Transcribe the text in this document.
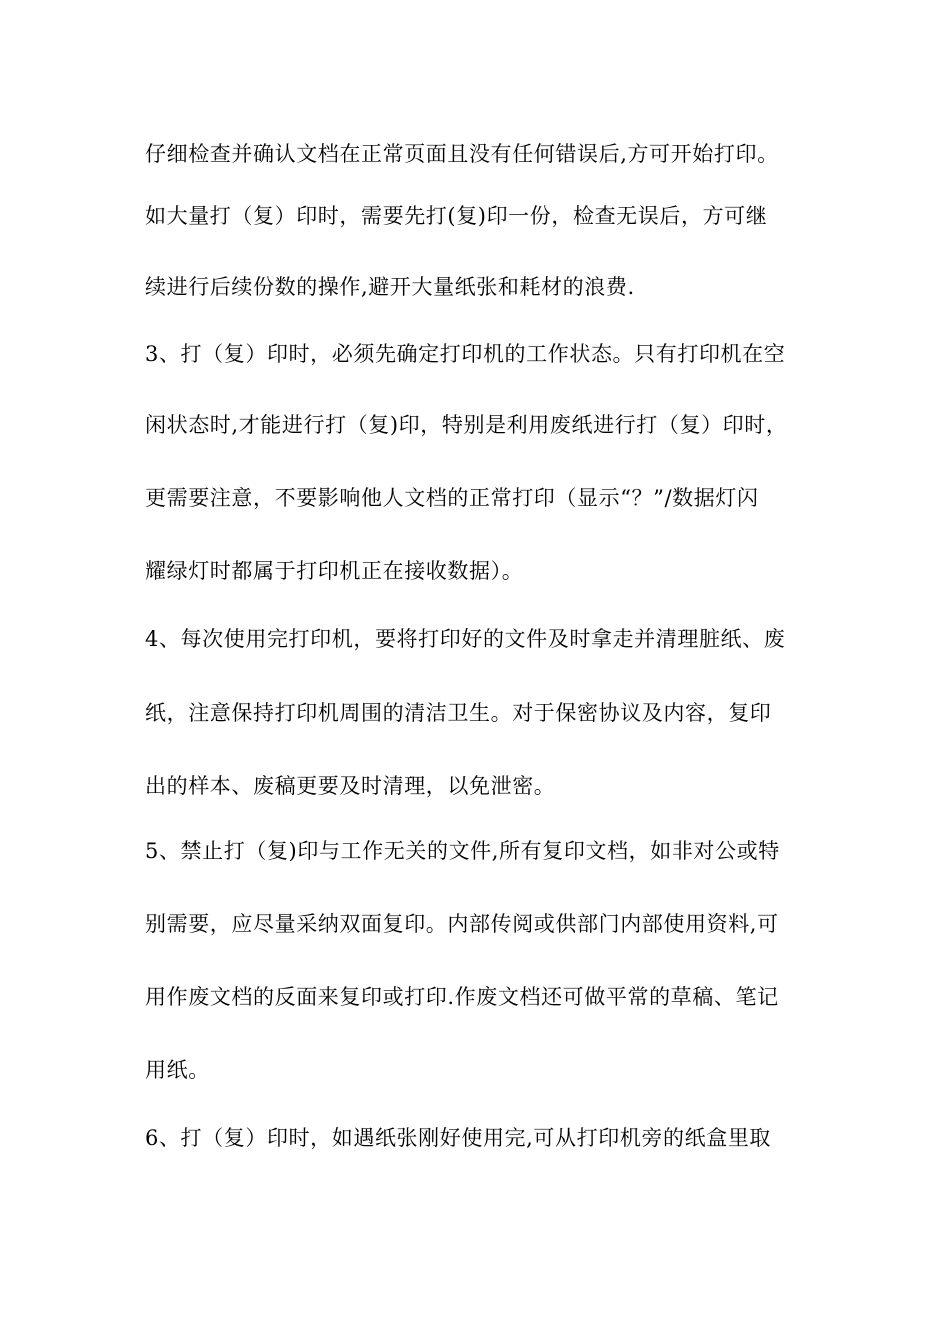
仔细检查并确认文档在正常页面且没有任何错误后,方可开始打印。
如大量打（复）印时，需要先打(复)印一份，检查无误后，方可继
续进行后续份数的操作,避开大量纸张和耗材的浪费.
3、打（复）印时，必须先确定打印机的工作状态。只有打印机在空
闲状态时,才能进行打（复)印，特别是利用废纸进行打（复）印时，
更需要注意，不要影响他人文档的正常打印（显示“？”/数据灯闪
耀绿灯时都属于打印机正在接收数据）。
4、每次使用完打印机，要将打印好的文件及时拿走并清理脏纸、废
纸，注意保持打印机周围的清洁卫生。对于保密协议及内容，复印
出的样本、废稿更要及时清理，以免泄密。
5、禁止打（复)印与工作无关的文件,所有复印文档，如非对公或特
别需要，应尽量采纳双面复印。内部传阅或供部门内部使用资料,可
用作废文档的反面来复印或打印.作废文档还可做平常的草稿、笔记
用纸。
6、打（复）印时，如遇纸张刚好使用完,可从打印机旁的纸盒里取
